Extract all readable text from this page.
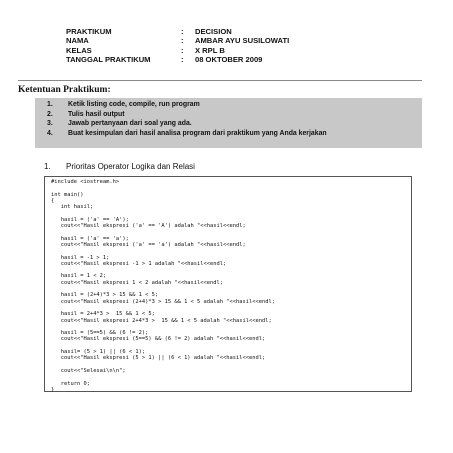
PRAKTIKUM	:	DECISION
NAMA	:	AMBAR AYU SUSILOWATI
KELAS	:	X RPL B
TANGGAL PRAKTIKUM	:	08 OKTOBER 2009
Ketentuan Praktikum:
1.	Ketik listing code, compile, run program
2.	Tulis hasil output
3.	Jawab pertanyaan dari soal yang ada.
4.	Buat kesimpulan dari hasil analisa program dari praktikum yang Anda kerjakan
1.	Prioritas Operator Logika dan Relasi
#include <iostream.h>
int main()
{
int hasil;
hasil = ('a' == 'A');
cout<<"Hasil ekspresi ('a' == 'A') adalah "<<hasil<<endl;
hasil = ('a' == 'a');
cout<<"Hasil ekspresi ('a' == 'a') adalah "<<hasil<<endl;
hasil = -1 > 1;
cout<<"Hasil ekspresi -1 > 1 adalah "<<hasil<<endl;
hasil = 1 < 2;
cout<<"Hasil ekspresi 1 < 2 adalah "<<hasil<<endl;
hasil = (2+4)*3 > 15 && 1 < 5;
cout<<"Hasil ekspresi (2+4)*3 > 15 && 1 < 5 adalah "<<hasil<<endl;
hasil = 2+4*3 >  15 && 1 < 5;
cout<<"Hasil ekspresi 2+4*3 >  15 && 1 < 5 adalah "<<hasil<<endl;
hasil = (5==5) && (6 != 2);
cout<<"Hasil ekspresi (5==5) && (6 != 2) adalah "<<hasil<<endl;
hasil= (5 > 1) || (6 < 1);
cout<<"Hasil ekspresi (5 > 1) || (6 < 1) adalah "<<hasil<<endl;
cout<<"Selesai\n\n";
return 0;
}
